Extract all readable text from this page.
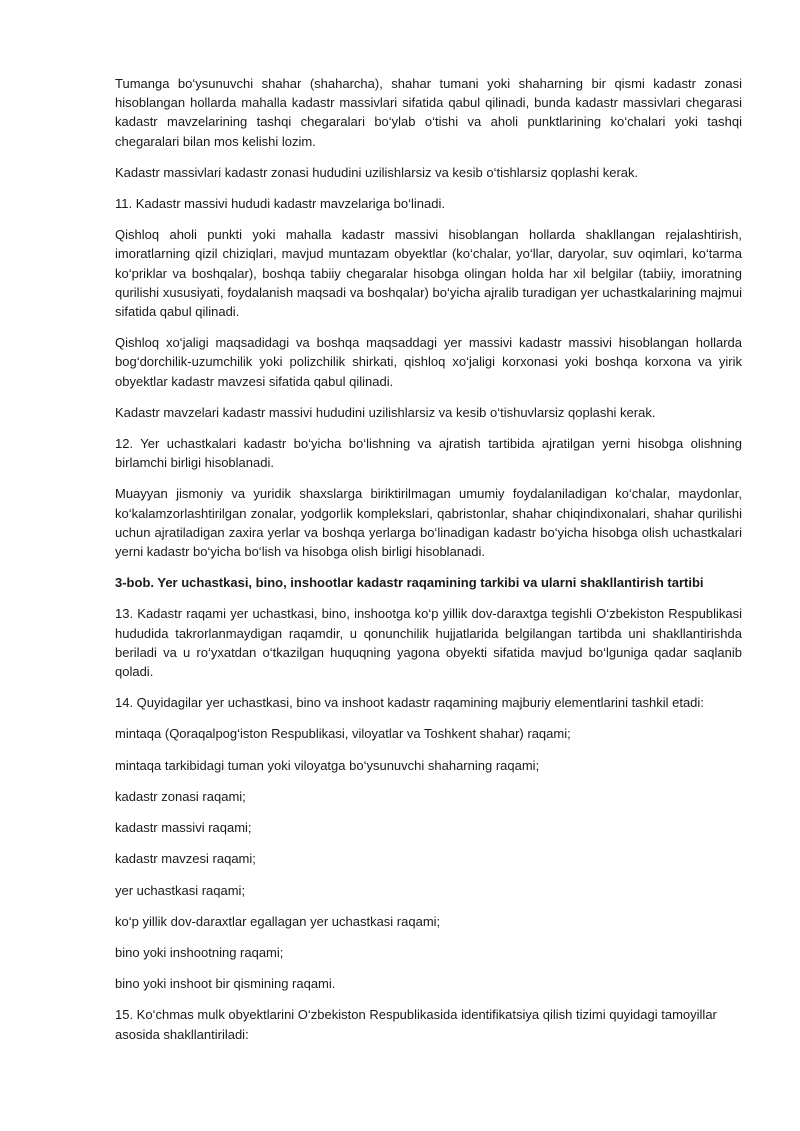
Tumanga bo‘ysunuvchi shahar (shaharcha), shahar tumani yoki shaharning bir qismi kadastr zonasi hisoblangan hollarda mahalla kadastr massivlari sifatida qabul qilinadi, bunda kadastr massivlari chegarasi kadastr mavzelarining tashqi chegaralari bo‘ylab o‘tishi va aholi punktlarining ko‘chalari yoki tashqi chegaralari bilan mos kelishi lozim.

Kadastr massivlari kadastr zonasi hududini uzilishlarsiz va kesib o‘tishlarsiz qoplashi kerak.

11. Kadastr massivi hududi kadastr mavzelariga bo‘linadi.

Qishloq aholi punkti yoki mahalla kadastr massivi hisoblangan hollarda shakllangan rejalashtirish, imoratlarning qizil chiziqlari, mavjud muntazam obyektlar (ko‘chalar, yo‘llar, daryolar, suv oqimlari, ko‘tarma ko‘priklar va boshqalar), boshqa tabiiy chegaralar hisobga olingan holda har xil belgilar (tabiiy, imoratning qurilishi xususiyati, foydalanish maqsadi va boshqalar) bo‘yicha ajralib turadigan yer uchastkalarining majmui sifatida qabul qilinadi.

Qishloq xo‘jaligi maqsadidagi va boshqa maqsaddagi yer massivi kadastr massivi hisoblangan hollarda bog‘dorchilik-uzumchilik yoki polizchilik shirkati, qishloq xo‘jaligi korxonasi yoki boshqa korxona va yirik obyektlar kadastr mavzesi sifatida qabul qilinadi.

Kadastr mavzelari kadastr massivi hududini uzilishlarsiz va kesib o‘tishuvlarsiz qoplashi kerak.

12. Yer uchastkalari kadastr bo‘yicha bo‘lishning va ajratish tartibida ajratilgan yerni hisobga olishning birlamchi birligi hisoblanadi.

Muayyan jismoniy va yuridik shaxslarga biriktirilmagan umumiy foydalaniladigan ko‘chalar, maydonlar, ko‘kalamzorlashtirilgan zonalar, yodgorlik komplekslari, qabristonlar, shahar chiqindixonalari, shahar qurilishi uchun ajratiladigan zaxira yerlar va boshqa yerlarga bo‘linadigan kadastr bo‘yicha hisobga olish uchastkalari yerni kadastr bo‘yicha bo‘lish va hisobga olish birligi hisoblanadi.

3-bob. Yer uchastkasi, bino, inshootlar kadastr raqamining tarkibi va ularni shakllantirish tartibi

13. Kadastr raqami yer uchastkasi, bino, inshootga ko‘p yillik dov-daraxtga tegishli O‘zbekiston Respublikasi hududida takrorlanmaydigan raqamdir, u qonunchilik hujjatlarida belgilangan tartibda uni shakllantirishda beriladi va u ro‘yxatdan o‘tkazilgan huquqning yagona obyekti sifatida mavjud bo‘lguniga qadar saqlanib qoladi.

14. Quyidagilar yer uchastkasi, bino va inshoot kadastr raqamining majburiy elementlarini tashkil etadi:

mintaqa (Qoraqalpog‘iston Respublikasi, viloyatlar va Toshkent shahar) raqami;

mintaqa tarkibidagi tuman yoki viloyatga bo‘ysunuvchi shaharning raqami;

kadastr zonasi raqami;

kadastr massivi raqami;

kadastr mavzesi raqami;

yer uchastkasi raqami;

ko‘p yillik dov-daraxtlar egallagan yer uchastkasi raqami;

bino yoki inshootning raqami;

bino yoki inshoot bir qismining raqami.

15. Ko‘chmas mulk obyektlarini O‘zbekiston Respublikasida identifikatsiya qilish tizimi quyidagi tamoyillar asosida shakllantiriladi:
